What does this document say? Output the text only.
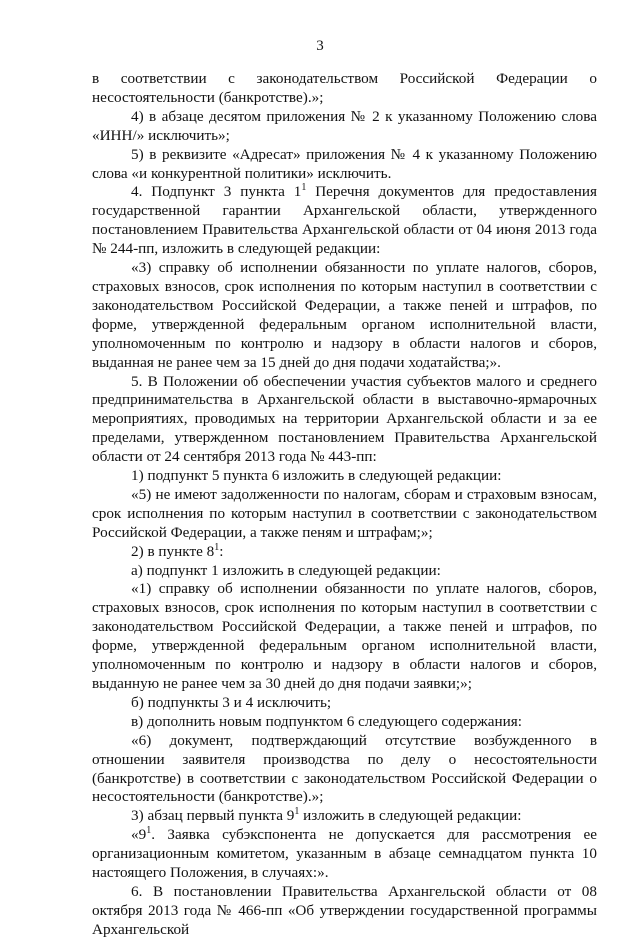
3

в соответствии с законодательством Российской Федерации о несостоятельности (банкротстве).»;

4) в абзаце десятом приложения № 2 к указанному Положению слова «ИНН/» исключить»;

5) в реквизите «Адресат» приложения № 4 к указанному Положению слова «и конкурентной политики» исключить.

4. Подпункт 3 пункта $1^1$ Перечня документов для предоставления государственной гарантии Архангельской области, утвержденного постановлением Правительства Архангельской области от 04 июня 2013 года № 244-пп, изложить в следующей редакции:

«3) справку об исполнении обязанности по уплате налогов, сборов, страховых взносов, срок исполнения по которым наступил в соответствии с законодательством Российской Федерации, а также пеней и штрафов, по форме, утвержденной федеральным органом исполнительной власти, уполномоченным по контролю и надзору в области налогов и сборов, выданная не ранее чем за 15 дней до дня подачи ходатайства;».

5. В Положении об обеспечении участия субъектов малого и среднего предпринимательства в Архангельской области в выставочно-ярмарочных мероприятиях, проводимых на территории Архангельской области и за ее пределами, утвержденном постановлением Правительства Архангельской области от 24 сентября 2013 года № 443-пп:

1) подпункт 5 пункта 6 изложить в следующей редакции:

«5) не имеют задолженности по налогам, сборам и страховым взносам, срок исполнения по которым наступил в соответствии с законодательством Российской Федерации, а также пеням и штрафам;»;

2) в пункте $8^1$:

а) подпункт 1 изложить в следующей редакции:

«1) справку об исполнении обязанности по уплате налогов, сборов, страховых взносов, срок исполнения по которым наступил в соответствии с законодательством Российской Федерации, а также пеней и штрафов, по форме, утвержденной федеральным органом исполнительной власти, уполномоченным по контролю и надзору в области налогов и сборов, выданную не ранее чем за 30 дней до дня подачи заявки;»;

б) подпункты 3 и 4 исключить;

в) дополнить новым подпунктом 6 следующего содержания:

«6) документ, подтверждающий отсутствие возбужденного в отношении заявителя производства по делу о несостоятельности (банкротстве) в соответствии с законодательством Российской Федерации о несостоятельности (банкротстве).»;

3) абзац первый пункта $9^1$ изложить в следующей редакции:

«$9^1$. Заявка субэкспонента не допускается для рассмотрения ее организационным комитетом, указанным в абзаце семнадцатом пункта 10 настоящего Положения, в случаях:».

6. В постановлении Правительства Архангельской области от 08 октября 2013 года № 466-пп «Об утверждении государственной программы Архангельской
